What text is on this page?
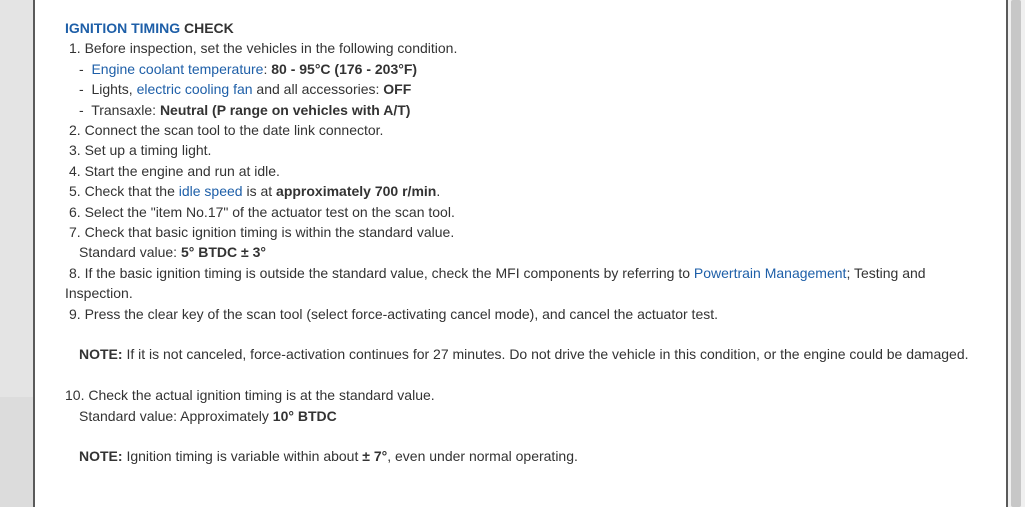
IGNITION TIMING CHECK
1. Before inspection, set the vehicles in the following condition.
- Engine coolant temperature: 80 - 95°C (176 - 203°F)
- Lights, electric cooling fan and all accessories: OFF
- Transaxle: Neutral (P range on vehicles with A/T)
2. Connect the scan tool to the date link connector.
3. Set up a timing light.
4. Start the engine and run at idle.
5. Check that the idle speed is at approximately 700 r/min.
6. Select the "item No.17" of the actuator test on the scan tool.
7. Check that basic ignition timing is within the standard value.
Standard value: 5° BTDC ± 3°
8. If the basic ignition timing is outside the standard value, check the MFI components by referring to Powertrain Management; Testing and
Inspection.
9. Press the clear key of the scan tool (select force-activating cancel mode), and cancel the actuator test.
NOTE: If it is not canceled, force-activation continues for 27 minutes. Do not drive the vehicle in this condition, or the engine could be damaged.
10. Check the actual ignition timing is at the standard value.
Standard value: Approximately 10° BTDC
NOTE: Ignition timing is variable within about ± 7°, even under normal operating.
